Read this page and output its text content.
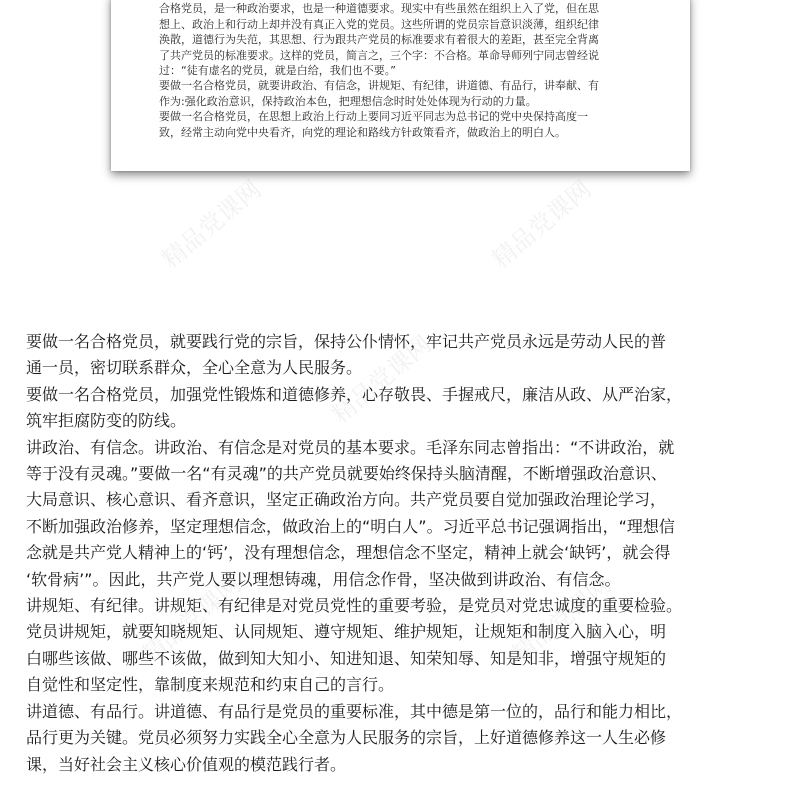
合格党员，是一种政治要求，也是一种道德要求。现实中有些虽然在组织上入了党，但在思

想上、政治上和行动上却并没有真正入党的党员。这些所谓的党员宗旨意识淡薄，组织纪律

涣散，道德行为失范，其思想、行为跟共产党员的标准要求有着很大的差距，甚至完全背离

了共产党员的标准要求。这样的党员，简言之，三个字：不合格。革命导师列宁同志曾经说

过：“徒有虚名的党员，就是白给，我们也不要。”

要做一名合格党员，就要讲政治、有信念，讲规矩、有纪律，讲道德、有品行，讲奉献、有

作为:强化政治意识，保持政治本色，把理想信念时时处处体现为行动的力量。

要做一名合格党员，在思想上政治上行动上要同习近平同志为总书记的党中央保持高度一

致，经常主动向党中央看齐，向党的理论和路线方针政策看齐，做政治上的明白人。

精品党课网
精品党课网	精品党课网

要做一名合格党员，就要践行党的宗旨，保持公仆情怀，牢记共产党员永远是劳动人民的普

通一员，密切联系群众，全心全意为人民服务。

要做一名合格党员，加强党性锻炼和道德修养，心存敬畏、手握戒尺，廉洁从政、从严治家，

筑牢拒腐防变的防线。

讲政治、有信念。讲政治、有信念是对党员的基本要求。毛泽东同志曾指出：“不讲政治，就

等于没有灵魂。”要做一名“有灵魂”的共产党员就要始终保持头脑清醒，不断增强政治意识、

大局意识、核心意识、看齐意识，坚定正确政治方向。共产党员要自觉加强政治理论学习，

不断加强政治修养，坚定理想信念，做政治上的“明白人”。习近平总书记强调指出，“理想信

念就是共产党人精神上的‘钙’，没有理想信念，理想信念不坚定，精神上就会‘缺钙’，就会得

‘软骨病’”。因此，共产党人要以理想铸魂，用信念作骨，坚决做到讲政治、有信念。

讲规矩、有纪律。讲规矩、有纪律是对党员党性的重要考验，是党员对党忠诚度的重要检验。

党员讲规矩，就要知晓规矩、认同规矩、遵守规矩、维护规矩，让规矩和制度入脑入心，明

白哪些该做、哪些不该做，做到知大知小、知进知退、知荣知辱、知是知非，增强守规矩的

自觉性和坚定性，靠制度来规范和约束自己的言行。

讲道德、有品行。讲道德、有品行是党员的重要标准，其中德是第一位的，品行和能力相比，

品行更为关键。党员必须努力实践全心全意为人民服务的宗旨，上好道德修养这一人生必修

课，当好社会主义核心价值观的模范践行者。
